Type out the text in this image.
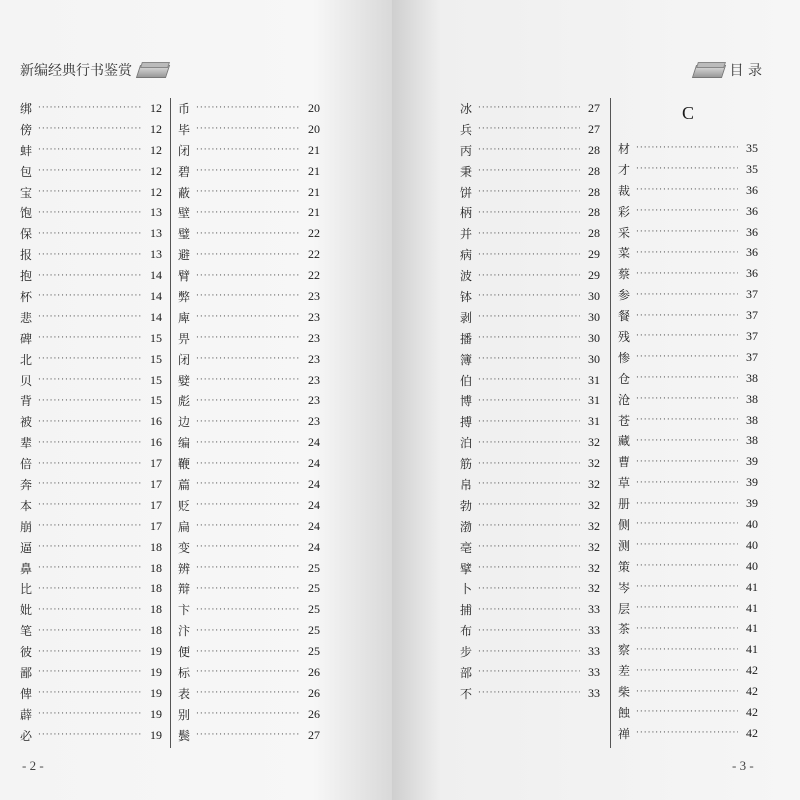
新编经典行书鉴赏
绑 ·····	12
傍 ·····	12
蚌 ·····	12
包 ·····	12
宝 ·····	12
饱 ·····	13
保 ·····	13
报 ·····	13
抱 ·····	14
杯 ·····	14
悲 ·····	14
碑 ·····	15
北 ·····	15
贝 ·····	15
背 ·····	15
被 ·····	16
辈 ·····	16
倍 ·····	17
奔 ·····	17
本 ·····	17
崩 ·····	17
逼 ·····	18
鼻 ·····	18
比 ·····	18
妣 ·····	18
笔 ·····	18
彼 ·····	19
鄙 ·····	19
俾 ·····	19
薜 ·····	19
必 ·····	19
币 ·····	20
毕 ·····	20
闭 ·····	21
碧 ·····	21
蔽 ·····	21
壁 ·····	21
璧 ·····	22
避 ·····	22
臂 ·····	22
弊 ·····	23
庳 ·····	23
畀 ·····	23
闭 ·····	23
嬖 ·····	23
彪 ·····	23
边 ·····	23
编 ·····	24
鞭 ·····	24
萹 ·····	24
贬 ·····	24
扁 ·····	24
变 ·····	24
辨 ·····	25
辩 ·····	25
卞 ·····	25
汴 ·····	25
便 ·····	25
标 ·····	26
表 ·····	26
别 ·····	26
鬓 ·····	27
- 2 -
目 录
冰 ·····	27
兵 ·····	27
丙 ·····	28
秉 ·····	28
饼 ·····	28
柄 ·····	28
并 ·····	28
病 ·····	29
波 ·····	29
钵 ·····	30
剥 ·····	30
播 ·····	30
簿 ·····	30
伯 ·····	31
博 ·····	31
搏 ·····	31
泊 ·····	32
筋 ·····	32
帛 ·····	32
勃 ·····	32
渤 ·····	32
亳 ·····	32
擘 ·····	32
卜 ·····	32
捕 ·····	33
布 ·····	33
步 ·····	33
部 ·····	33
不 ·····	33
C
材 ·····	35
才 ·····	35
裁 ·····	36
彩 ·····	36
采 ·····	36
菜 ·····	36
蔡 ·····	36
参 ·····	37
餐 ·····	37
残 ·····	37
惨 ·····	37
仓 ·····	38
沧 ·····	38
苍 ·····	38
藏 ·····	38
曹 ·····	39
草 ·····	39
册 ·····	39
侧 ·····	40
测 ·····	40
策 ·····	40
岑 ·····	41
层 ·····	41
茶 ·····	41
察 ·····	41
差 ·····	42
柴 ·····	42
蝕 ·····	42
禅 ·····	42
- 3 -
